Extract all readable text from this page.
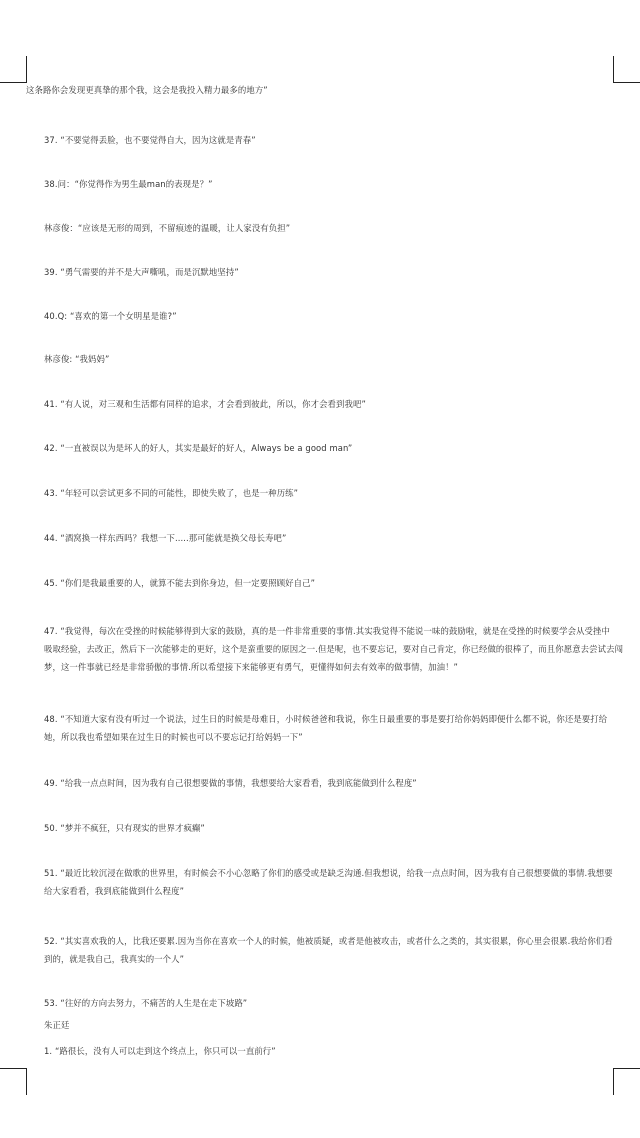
这条路你会发现更真挚的那个我，这会是我投入精力最多的地方”
37. “不要觉得丢脸，也不要觉得自大，因为这就是青春”
38.问：“你觉得作为男生最man的表现是？”
林彦俊：“应该是无形的周到，不留痕迹的温暖，让人家没有负担”
39. “勇气需要的并不是大声嘶吼，而是沉默地坚持”
40.Q: “喜欢的第一个女明星是谁?”
林彦俊: “我妈妈”
41. “有人说，对三观和生活都有同样的追求，才会看到彼此，所以，你才会看到我吧”
42. “一直被误以为是坏人的好人，其实是最好的好人，Always be a good man”
43. “年轻可以尝试更多不同的可能性，即使失败了，也是一种历练”
44. “酒窝换一样东西吗？我想一下.....那可能就是换父母长寿吧”
45. “你们是我最重要的人，就算不能去到你身边，但一定要照顾好自己”
47. “我觉得，每次在受挫的时候能够得到大家的鼓励，真的是一件非常重要的事情.其实我觉得不能说一味的鼓励啦，就是在受挫的时候要学会从受挫中
吸取经验，去改正，然后下一次能够走的更好，这个是蛮重要的原因之一.但是呢，也不要忘记，要对自己肯定，你已经做的很棒了，而且你愿意去尝试去闯
梦，这一件事就已经是非常骄傲的事情.所以希望接下来能够更有勇气，更懂得如何去有效率的做事情，加油！”
48. “不知道大家有没有听过一个说法，过生日的时候是母难日，小时候爸爸和我说，你生日最重要的事是要打给你妈妈即便什么都不说，你还是要打给
她，所以我也希望如果在过生日的时候也可以不要忘记打给妈妈一下”
49. “给我一点点时间，因为我有自己很想要做的事情，我想要给大家看看，我到底能做到什么程度”
50. “梦并不疯狂，只有现实的世界才疯癫”
51. “最近比较沉浸在做歌的世界里，有时候会不小心忽略了你们的感受或是缺乏沟通.但我想说，给我一点点时间，因为我有自己很想要做的事情.我想要
给大家看看，我到底能做到什么程度”
52. “其实喜欢我的人，比我还要累.因为当你在喜欢一个人的时候，他被质疑，或者是他被攻击，或者什么之类的，其实很累，你心里会很累.我给你们看
到的，就是我自己，我真实的一个人”
53. “往好的方向去努力，不痛苦的人生是在走下坡路”
朱正廷
1. “路很长，没有人可以走到这个终点上，你只可以一直前行”
